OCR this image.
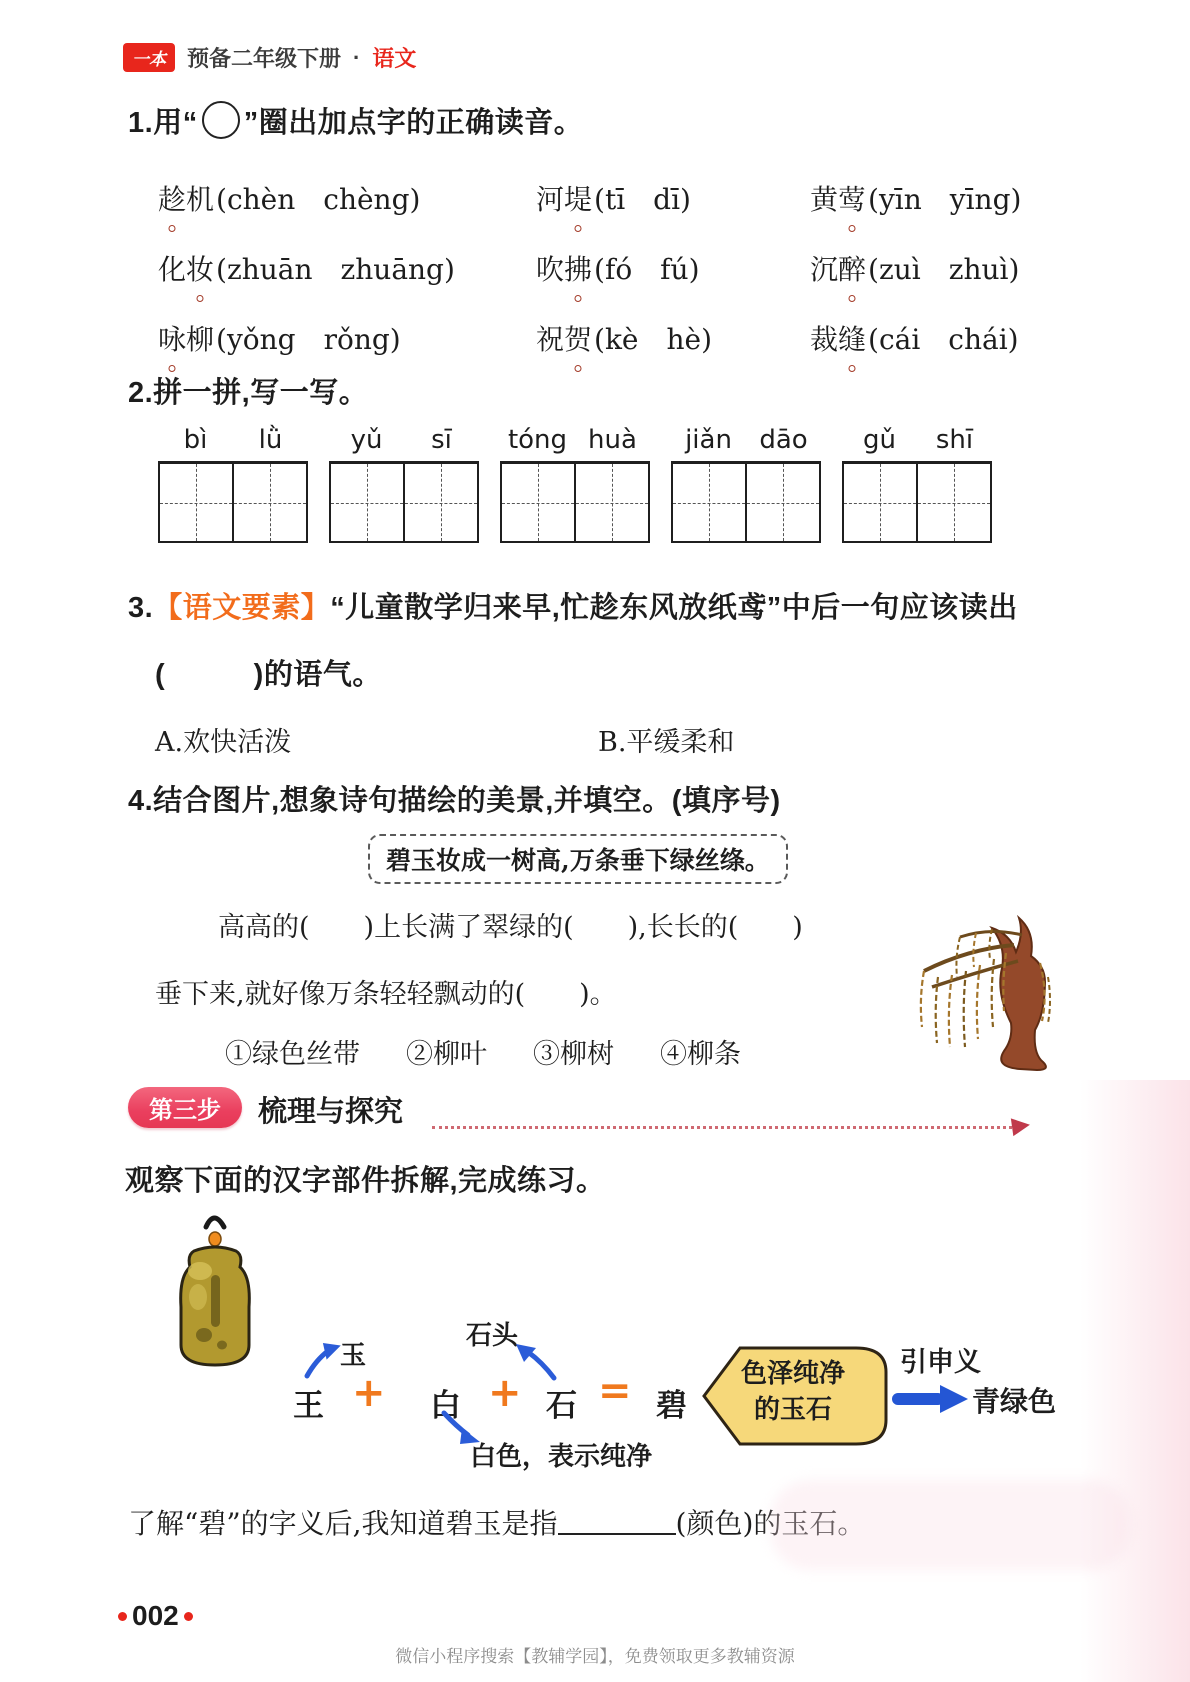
一本 预备二年级下册 · 语文
1.用“ ”圈出加点字的正确读音。
趁机(chèn　chèng)	河堤(tī　dī)	黄莺(yīn　yīng)
化妆(zhuān　zhuāng)	吹拂(fó　fú)	沉醉(zuì　zhuì)
咏柳(yǒng　rǒng)	祝贺(kè　hè)	裁缝(cái　chái)
2.拼一拼,写一写。
bì	lǜ	yǔ	sī	tóng huà	jiǎn	dāo	gǔ	shī
3.【语文要素】“儿童散学归来早,忙趁东风放纸鸢”中后一句应该读出
(　　　)的语气。
A.欢快活泼	B.平缓柔和
4.结合图片,想象诗句描绘的美景,并填空。(填序号)
碧玉妆成一树高,万条垂下绿丝绦。
高高的(　　)上长满了翠绿的(　　),长长的(　　)
垂下来,就好像万条轻轻飘动的(　　)。
①绿色丝带 ②柳叶 ③柳树 ④柳条
第三步	梳理与探究
观察下面的汉字部件拆解,完成练习。
王 + 白 + 石 = 碧
玉
石头
白色，表示纯净
色泽纯净
的玉石
引申义
青绿色
了解“碧”的字义后,我知道碧玉是指	(颜色)的玉石。
002
微信小程序搜索【教辅学园】，免费领取更多教辅资源
